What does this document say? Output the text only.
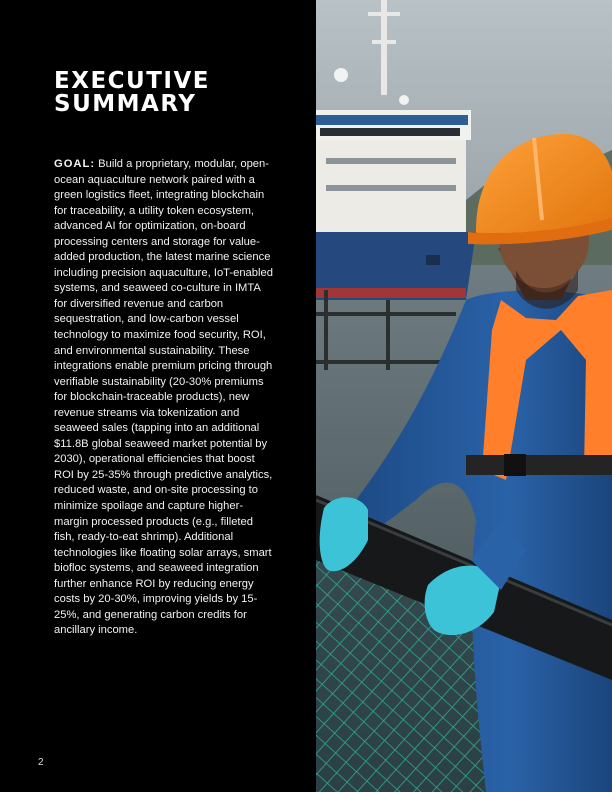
EXECUTIVE
SUMMARY

GOAL: Build a proprietary, modular, open-ocean aquaculture network paired with a green logistics fleet, integrating blockchain for traceability, a utility token ecosystem, advanced AI for optimization, on-board processing centers and storage for value-added production, the latest marine science including precision aquaculture, IoT-enabled systems, and seaweed co-culture in IMTA for diversified revenue and carbon sequestration, and low-carbon vessel technology to maximize food security, ROI, and environmental sustainability. These integrations enable premium pricing through verifiable sustainability (20-30% premiums for blockchain-traceable products), new revenue streams via tokenization and seaweed sales (tapping into an additional $11.8B global seaweed market potential by 2030), operational efficiencies that boost ROI by 25-35% through predictive analytics, reduced waste, and on-site processing to minimize spoilage and capture higher-margin processed products (e.g., filleted fish, ready-to-eat shrimp). Additional technologies like floating solar arrays, smart biofloc systems, and seaweed integration further enhance ROI by reducing energy costs by 20-30%, improving yields by 15-25%, and generating carbon credits for ancillary income.

2
